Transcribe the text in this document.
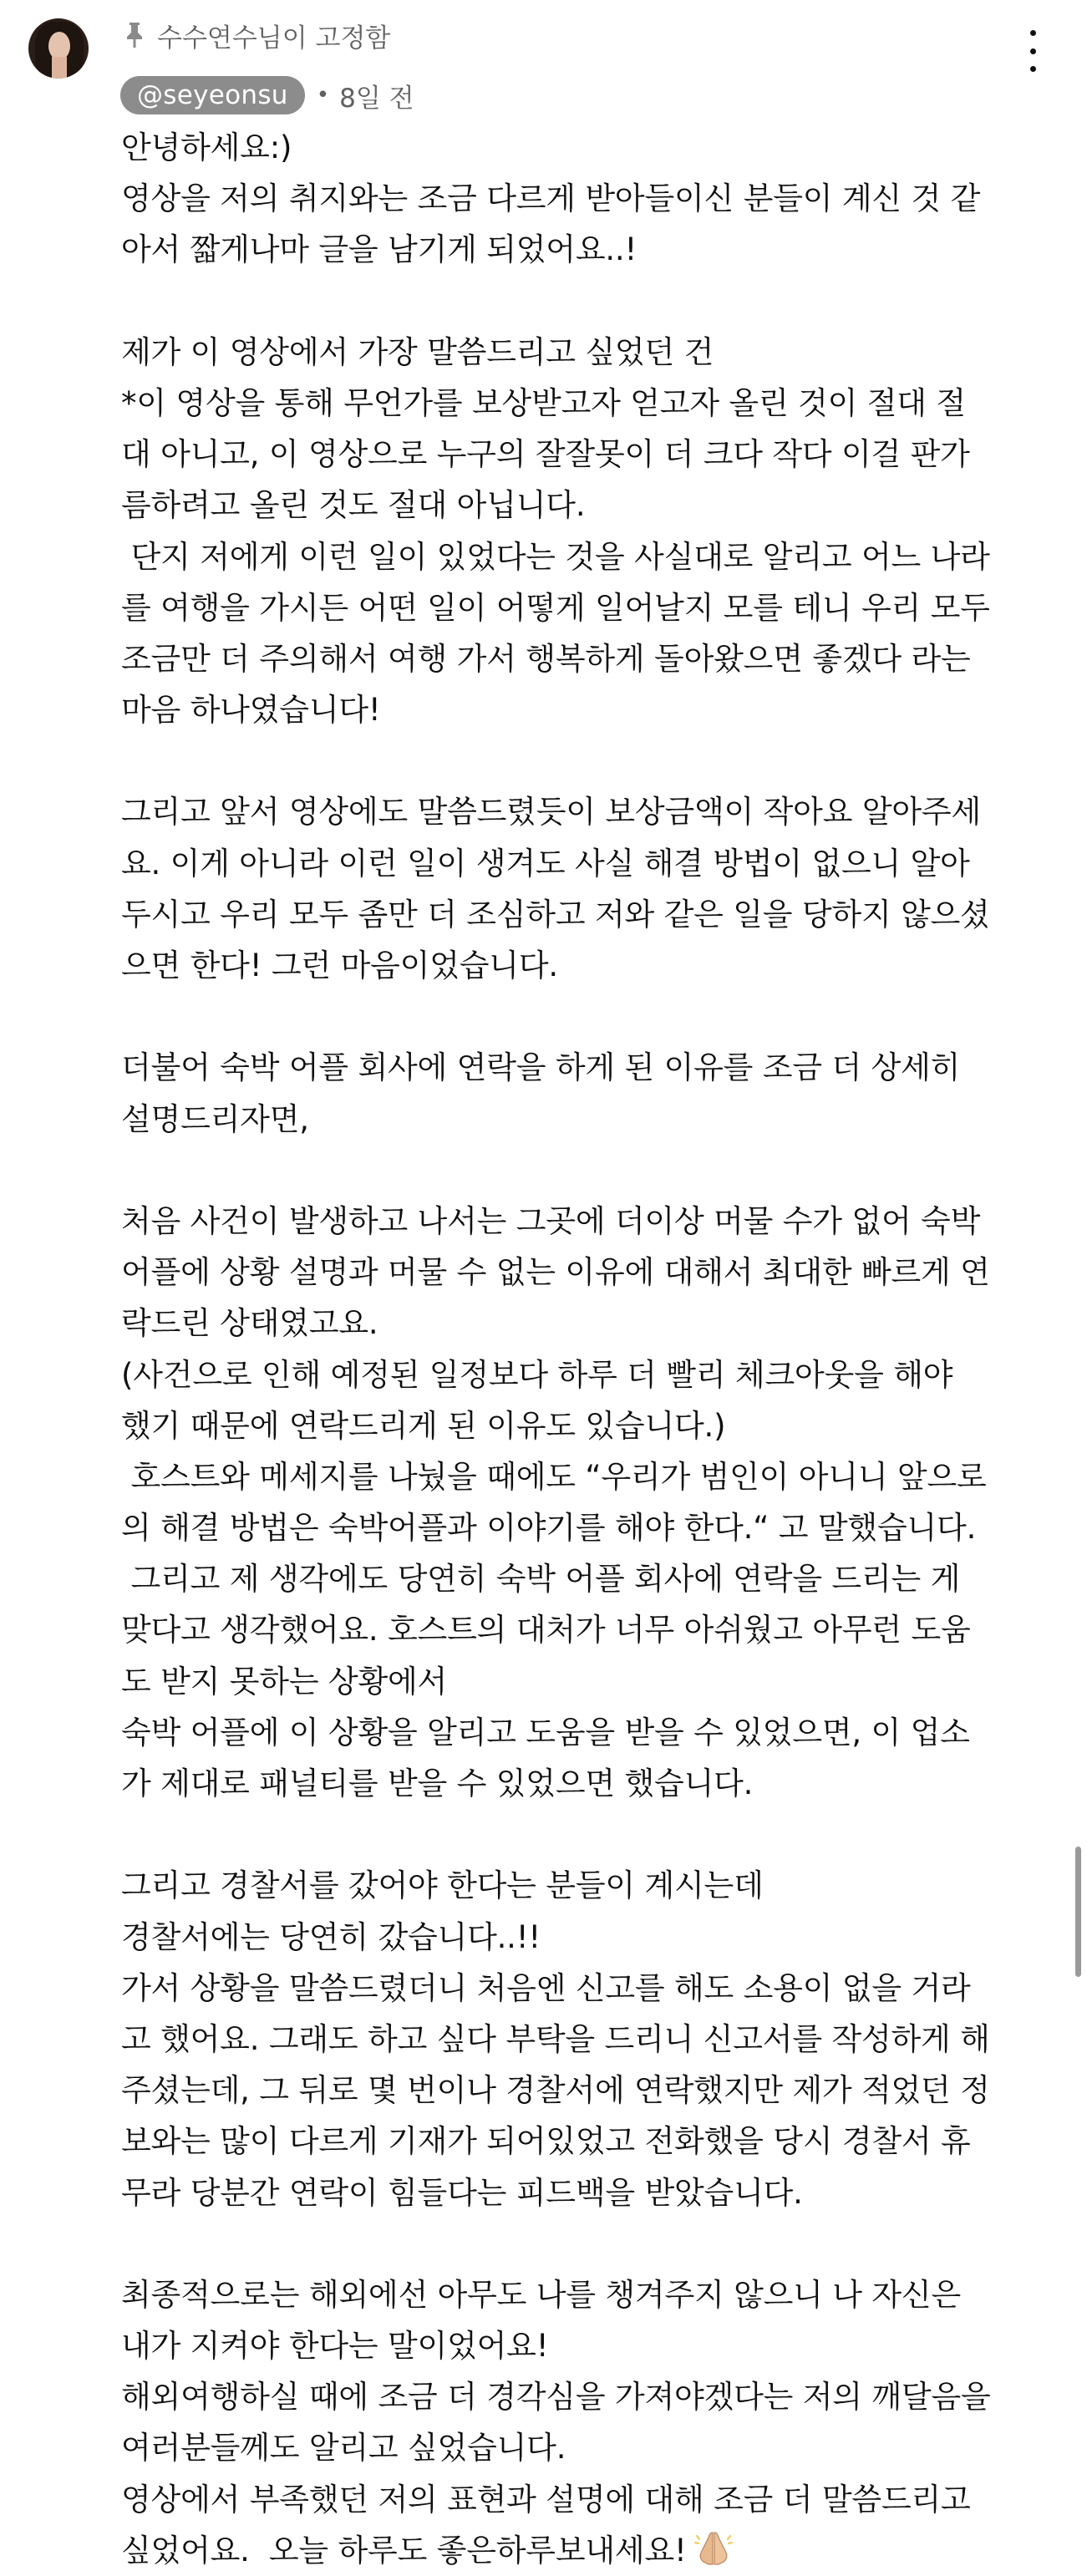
수수연수님이 고정함
@seyeonsu	• 8일 전
안녕하세요:)
영상을 저의 취지와는 조금 다르게 받아들이신 분들이 계신 것 같
아서 짧게나마 글을 남기게 되었어요..!
제가 이 영상에서 가장 말씀드리고 싶었던 건
*이 영상을 통해 무언가를 보상받고자 얻고자 올린 것이 절대 절
대 아니고, 이 영상으로 누구의 잘잘못이 더 크다 작다 이걸 판가
름하려고 올린 것도 절대 아닙니다.
단지 저에게 이런 일이 있었다는 것을 사실대로 알리고 어느 나라
를 여행을 가시든 어떤 일이 어떻게 일어날지 모를 테니 우리 모두
조금만 더 주의해서 여행 가서 행복하게 돌아왔으면 좋겠다 라는
마음 하나였습니다!
그리고 앞서 영상에도 말씀드렸듯이 보상금액이 작아요 알아주세
요. 이게 아니라 이런 일이 생겨도 사실 해결 방법이 없으니 알아
두시고 우리 모두 좀만 더 조심하고 저와 같은 일을 당하지 않으셨
으면 한다! 그런 마음이었습니다.
더불어 숙박 어플 회사에 연락을 하게 된 이유를 조금 더 상세히
설명드리자면,
처음 사건이 발생하고 나서는 그곳에 더이상 머물 수가 없어 숙박
어플에 상황 설명과 머물 수 없는 이유에 대해서 최대한 빠르게 연
락드린 상태였고요.
(사건으로 인해 예정된 일정보다 하루 더 빨리 체크아웃을 해야
했기 때문에 연락드리게 된 이유도 있습니다.)
호스트와 메세지를 나눴을 때에도 “우리가 범인이 아니니 앞으로
의 해결 방법은 숙박어플과 이야기를 해야 한다.“ 고 말했습니다.
그리고 제 생각에도 당연히 숙박 어플 회사에 연락을 드리는 게
맞다고 생각했어요. 호스트의 대처가 너무 아쉬웠고 아무런 도움
도 받지 못하는 상황에서
숙박 어플에 이 상황을 알리고 도움을 받을 수 있었으면, 이 업소
가 제대로 패널티를 받을 수 있었으면 했습니다.
그리고 경찰서를 갔어야 한다는 분들이 계시는데
경찰서에는 당연히 갔습니다..!!
가서 상황을 말씀드렸더니 처음엔 신고를 해도 소용이 없을 거라
고 했어요. 그래도 하고 싶다 부탁을 드리니 신고서를 작성하게 해
주셨는데, 그 뒤로 몇 번이나 경찰서에 연락했지만 제가 적었던 정
보와는 많이 다르게 기재가 되어있었고 전화했을 당시 경찰서 휴
무라 당분간 연락이 힘들다는 피드백을 받았습니다.
최종적으로는 해외에선 아무도 나를 챙겨주지 않으니 나 자신은
내가 지켜야 한다는 말이었어요!
해외여행하실 때에 조금 더 경각심을 가져야겠다는 저의 깨달음을
여러분들께도 알리고 싶었습니다.
영상에서 부족했던 저의 표현과 설명에 대해 조금 더 말씀드리고
싶었어요.  오늘 하루도 좋은하루보내세요!
